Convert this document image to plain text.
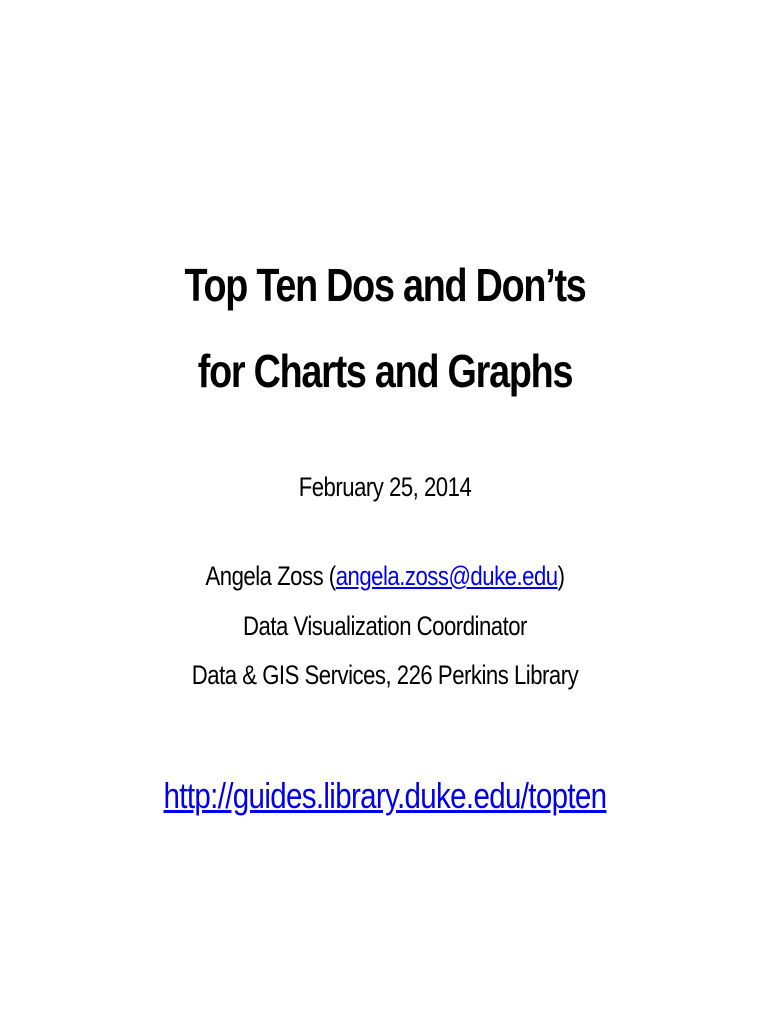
Top Ten Dos and Don’ts
for Charts and Graphs
February 25, 2014
Angela Zoss (angela.zoss@duke.edu)
Data Visualization Coordinator
Data & GIS Services, 226 Perkins Library
http://guides.library.duke.edu/topten
